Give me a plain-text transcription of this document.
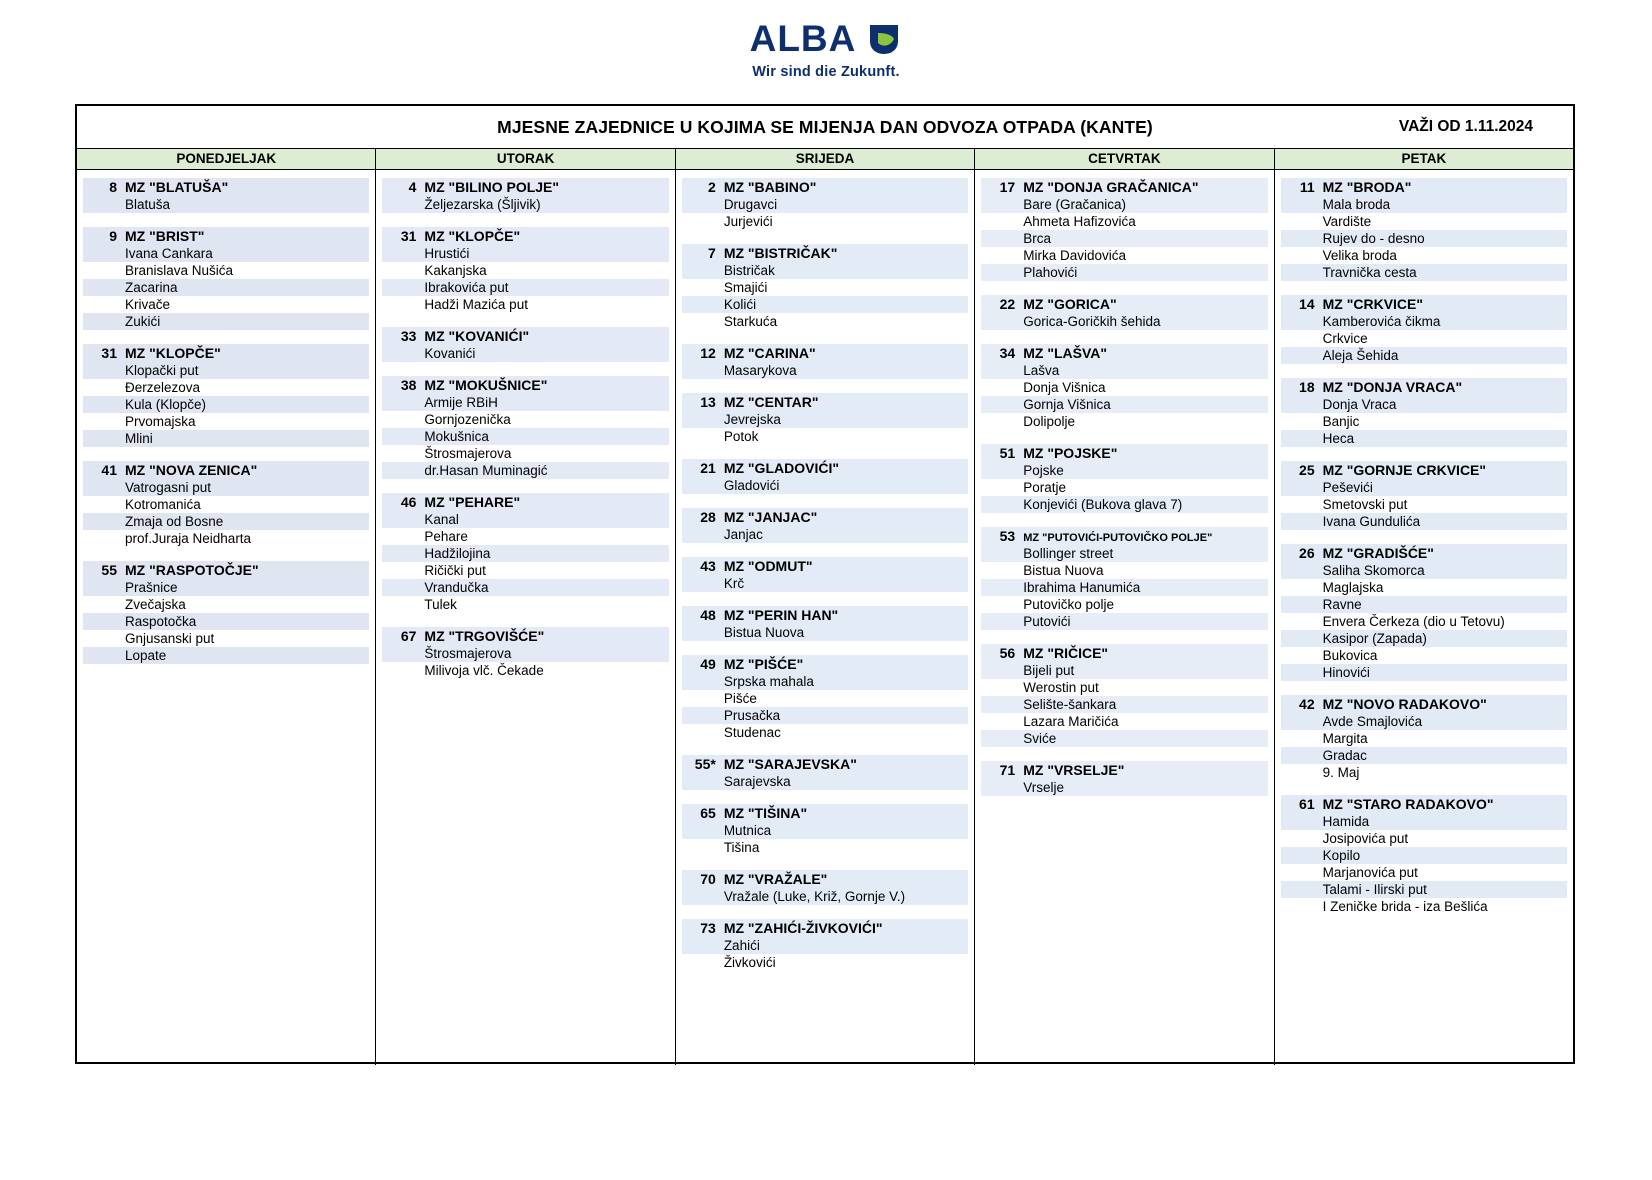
ALBA
Wir sind die Zukunft.
MJESNE ZAJEDNICE U KOJIMA SE MIJENJA DAN ODVOZA OTPADA (KANTE)	VAŽI OD 1.11.2024
PONEDJELJAK
8 MZ "BLATUŠA"
Blatuša
9 MZ "BRIST"
Ivana Cankara
Branislava Nušića
Zacarina
Krivače
Zukići
31 MZ "KLOPČE"
Klopački put
Đerzelezova
Kula (Klopče)
Prvomajska
Mlini
41 MZ "NOVA ZENICA"
Vatrogasni put
Kotromanića
Zmaja od Bosne
prof.Juraja Neidharta
55 MZ "RASPOTOČJE"
Prašnice
Zvečajska
Raspotočka
Gnjusanski put
Lopate
UTORAK
4 MZ "BILINO POLJE"
Željezarska (Šljivik)
31 MZ "KLOPČE"
Hrustići
Kakanjska
Ibrakovića put
Hadži Mazića put
33 MZ "KOVANIĆI"
Kovanići
38 MZ "MOKUŠNICE"
Armije RBiH
Gornjozenička
Mokušnica
Štrosmajerova
dr.Hasan Muminagić
46 MZ "PEHARE"
Kanal
Pehare
Hadžilojina
Ričički put
Vrandučka
Tulek
67 MZ "TRGOVIŠĆE"
Štrosmajerova
Milivoja vlč. Čekade
SRIJEDA
2 MZ "BABINO"
Drugavci
Jurjevići
7 MZ "BISTRIČAK"
Bistričak
Smajići
Kolići
Starkuća
12 MZ "CARINA"
Masarykova
13 MZ "CENTAR"
Jevrejska
Potok
21 MZ "GLADOVIĆI"
Gladovići
28 MZ "JANJAC"
Janjac
43 MZ "ODMUT"
Krč
48 MZ "PERIN HAN"
Bistua Nuova
49 MZ "PIŠĆE"
Srpska mahala
Pišće
Prusačka
Studenac
55* MZ "SARAJEVSKA"
Sarajevska
65 MZ "TIŠINA"
Mutnica
Tišina
70 MZ "VRAŽALE"
Vražale (Luke, Križ, Gornje V.)
73 MZ "ZAHIĆI-ŽIVKOVIĆI"
Zahići
Živkovići
CETVRTAK
17 MZ "DONJA GRAČANICA"
Bare (Gračanica)
Ahmeta Hafizovića
Brca
Mirka Davidovića
Plahovići
22 MZ "GORICA"
Gorica-Goričkih šehida
34 MZ "LAŠVA"
Lašva
Donja Višnica
Gornja Višnica
Dolipolje
51 MZ "POJSKE"
Pojske
Poratje
Konjevići (Bukova glava 7)
53 MZ "PUTOVIĆI-PUTOVIČKO POLJE"
Bollinger street
Bistua Nuova
Ibrahima Hanumića
Putovičko polje
Putovići
56 MZ "RIČICE"
Bijeli put
Werostin put
Selište-šankara
Lazara Maričića
Sviće
71 MZ "VRSELJE"
Vrselje
PETAK
11 MZ "BRODA"
Mala broda
Vardište
Rujev do - desno
Velika broda
Travnička cesta
14 MZ "CRKVICE"
Kamberovića čikma
Crkvice
Aleja Šehida
18 MZ "DONJA VRACA"
Donja Vraca
Banjic
Heca
25 MZ "GORNJE CRKVICE"
Peševići
Smetovski put
Ivana Gundulića
26 MZ "GRADIŠĆE"
Saliha Skomorca
Maglajska
Ravne
Envera Čerkeza (dio u Tetovu)
Kasipor (Zapada)
Bukovica
Hinovići
42 MZ "NOVO RADAKOVO"
Avde Smajlovića
Margita
Gradac
9. Maj
61 MZ "STARO RADAKOVO"
Hamida
Josipovića put
Kopilo
Marjanovića put
Talami - Ilirski put
I Zeničke brida - iza Bešlića
